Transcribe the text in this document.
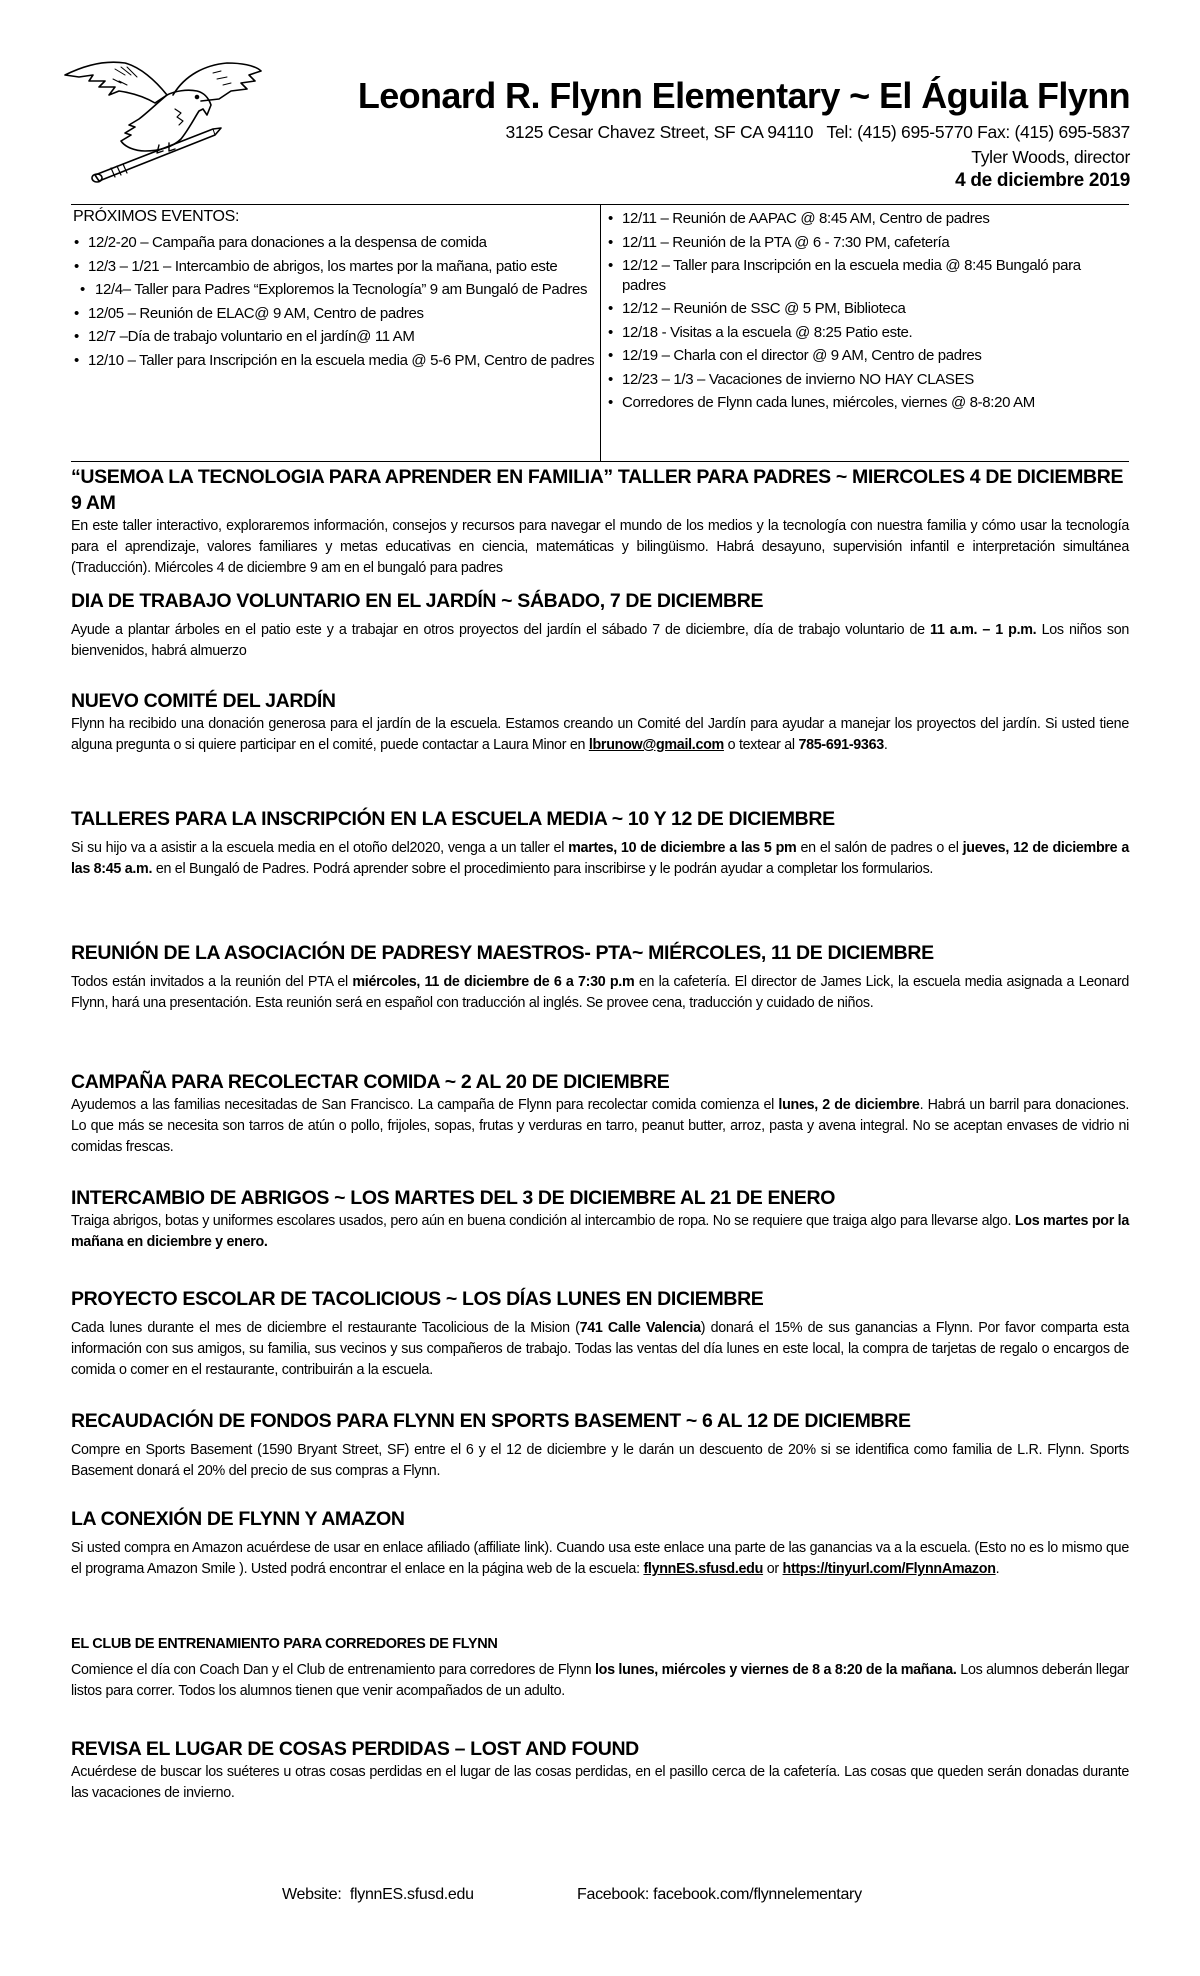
Leonard R. Flynn Elementary ~ El Águila Flynn
3125 Cesar Chavez Street, SF CA 94110   Tel: (415) 695-5770 Fax: (415) 695-5837
Tyler Woods, director
4 de diciembre 2019
PRÓXIMOS EVENTOS:
• 12/2-20 – Campaña para donaciones a la despensa de comida
• 12/3 – 1/21 – Intercambio de abrigos, los martes por la mañana, patio este
• 12/4– Taller para Padres “Exploremos la Tecnología” 9 am Bungaló de Padres
• 12/05 – Reunión de ELAC@ 9 AM, Centro de padres
• 12/7 –Día de trabajo voluntario en el jardín@ 11 AM
• 12/10 – Taller para Inscripción en la escuela media @ 5-6 PM, Centro de padres
• 12/11 – Reunión de AAPAC @ 8:45 AM, Centro de padres
• 12/11 – Reunión de la PTA @ 6 - 7:30 PM, cafetería
• 12/12 – Taller para Inscripción en la escuela media @ 8:45 Bungaló para padres
• 12/12 – Reunión de SSC @ 5 PM, Biblioteca
• 12/18 - Visitas a la escuela @ 8:25 Patio este.
• 12/19 – Charla con el director @ 9 AM, Centro de padres
• 12/23 – 1/3 – Vacaciones de invierno NO HAY CLASES
• Corredores de Flynn cada lunes, miércoles, viernes @ 8-8:20 AM
“USEMOA LA TECNOLOGIA PARA APRENDER EN FAMILIA” TALLER PARA PADRES ~ MIERCOLES 4 DE DICIEMBRE 9 AM

En este taller interactivo, exploraremos información, consejos y recursos para navegar el mundo de los medios y la tecnología con nuestra familia y cómo usar la tecnología para el aprendizaje, valores familiares y metas educativas en ciencia, matemáticas y bilingüismo. Habrá desayuno, supervisión infantil e interpretación simultánea (Traducción). Miércoles 4 de diciembre 9 am en el bungaló para padres

DIA DE TRABAJO VOLUNTARIO EN EL JARDÍN ~ SÁBADO, 7 DE DICIEMBRE

Ayude a plantar árboles en el patio este y a trabajar en otros proyectos del jardín el sábado 7 de diciembre, día de trabajo voluntario de 11 a.m. – 1 p.m. Los niños son bienvenidos, habrá almuerzo

NUEVO COMITÉ DEL JARDÍN

Flynn ha recibido una donación generosa para el jardín de la escuela. Estamos creando un Comité del Jardín para ayudar a manejar los proyectos del jardín. Si usted tiene alguna pregunta o si quiere participar en el comité, puede contactar a Laura Minor en lbrunow@gmail.com o textear al 785-691-9363.

TALLERES PARA LA INSCRIPCIÓN EN LA ESCUELA MEDIA ~ 10 Y 12 DE DICIEMBRE

Si su hijo va a asistir a la escuela media en el otoño del2020, venga a un taller el martes, 10 de diciembre a las 5 pm en el salón de padres o el jueves, 12 de diciembre a las 8:45 a.m. en el Bungaló de Padres. Podrá aprender sobre el procedimiento para inscribirse y le podrán ayudar a completar los formularios.

REUNIÓN DE LA ASOCIACIÓN DE PADRESY MAESTROS- PTA~ MIÉRCOLES, 11 DE DICIEMBRE

Todos están invitados a la reunión del PTA el miércoles, 11 de diciembre de 6 a 7:30 p.m en la cafetería. El director de James Lick, la escuela media asignada a Leonard Flynn, hará una presentación. Esta reunión será en español con traducción al inglés. Se provee cena, traducción y cuidado de niños.

CAMPAÑA PARA RECOLECTAR COMIDA ~ 2 AL 20 DE DICIEMBRE

Ayudemos a las familias necesitadas de San Francisco. La campaña de Flynn para recolectar comida comienza el lunes, 2 de diciembre. Habrá un barril para donaciones. Lo que más se necesita son tarros de atún o pollo, frijoles, sopas, frutas y verduras en tarro, peanut butter, arroz, pasta y avena integral. No se aceptan envases de vidrio ni comidas frescas.

INTERCAMBIO DE ABRIGOS ~ LOS MARTES DEL 3 DE DICIEMBRE AL 21 DE ENERO

Traiga abrigos, botas y uniformes escolares usados, pero aún en buena condición al intercambio de ropa. No se requiere que traiga algo para llevarse algo. Los martes por la mañana en diciembre y enero.

PROYECTO ESCOLAR DE TACOLICIOUS ~ LOS DÍAS LUNES EN DICIEMBRE

Cada lunes durante el mes de diciembre el restaurante Tacolicious de la Mision (741 Calle Valencia) donará el 15% de sus ganancias a Flynn. Por favor comparta esta información con sus amigos, su familia, sus vecinos y sus compañeros de trabajo. Todas las ventas del día lunes en este local, la compra de tarjetas de regalo o encargos de comida o comer en el restaurante, contribuirán a la escuela.

RECAUDACIÓN DE FONDOS PARA FLYNN EN SPORTS BASEMENT ~ 6 AL 12 DE DICIEMBRE

Compre en Sports Basement (1590 Bryant Street, SF) entre el 6 y el 12 de diciembre y le darán un descuento de 20% si se identifica como familia de L.R. Flynn. Sports Basement donará el 20% del precio de sus compras a Flynn.

LA CONEXIÓN DE FLYNN Y AMAZON

Si usted compra en Amazon acuérdese de usar en enlace afiliado (affiliate link). Cuando usa este enlace una parte de las ganancias va a la escuela. (Esto no es lo mismo que el programa Amazon Smile ). Usted podrá encontrar el enlace en la página web de la escuela: flynnES.sfusd.edu or https://tinyurl.com/FlynnAmazon.

EL CLUB DE ENTRENAMIENTO PARA CORREDORES DE FLYNN

Comience el día con Coach Dan y el Club de entrenamiento para corredores de Flynn los lunes, miércoles y viernes de 8 a 8:20 de la mañana. Los alumnos deberán llegar listos para correr. Todos los alumnos tienen que venir acompañados de un adulto.

REVISA EL LUGAR DE COSAS PERDIDAS – LOST AND FOUND

Acuérdese de buscar los suéteres u otras cosas perdidas en el lugar de las cosas perdidas, en el pasillo cerca de la cafetería. Las cosas que queden serán donadas durante las vacaciones de invierno.

Website: flynnES.sfusd.edu	Facebook: facebook.com/flynnelementary
